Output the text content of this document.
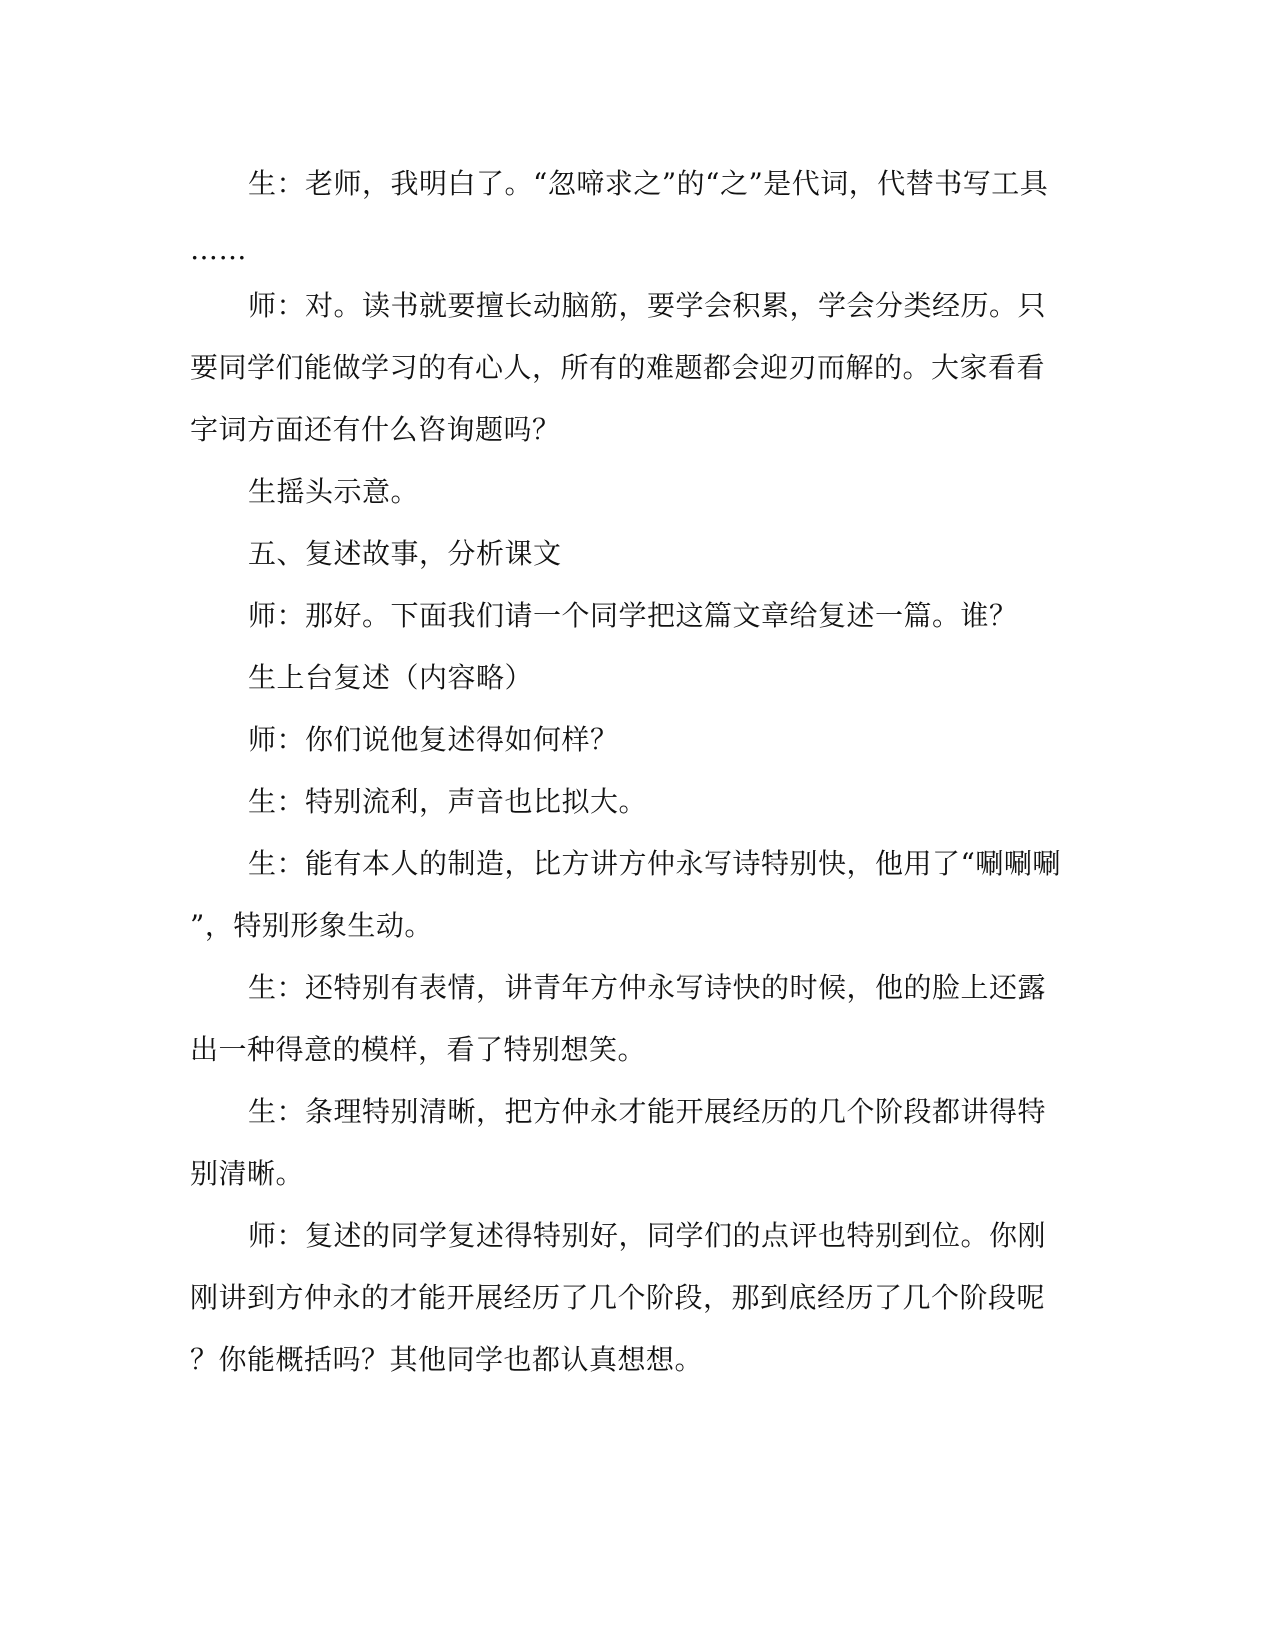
生：老师，我明白了。“忽啼求之”的“之”是代词，代替书写工具

……

师：对。读书就要擅长动脑筋，要学会积累，学会分类经历。只

要同学们能做学习的有心人，所有的难题都会迎刃而解的。大家看看

字词方面还有什么咨询题吗？

生摇头示意。

五、复述故事，分析课文

师：那好。下面我们请一个同学把这篇文章给复述一篇。谁？

生上台复述（内容略）

师：你们说他复述得如何样？

生：特别流利，声音也比拟大。

生：能有本人的制造，比方讲方仲永写诗特别快，他用了“唰唰唰

”，特别形象生动。

生：还特别有表情，讲青年方仲永写诗快的时候，他的脸上还露

出一种得意的模样，看了特别想笑。

生：条理特别清晰，把方仲永才能开展经历的几个阶段都讲得特

别清晰。

师：复述的同学复述得特别好，同学们的点评也特别到位。你刚

刚讲到方仲永的才能开展经历了几个阶段，那到底经历了几个阶段呢

？你能概括吗？其他同学也都认真想想。
